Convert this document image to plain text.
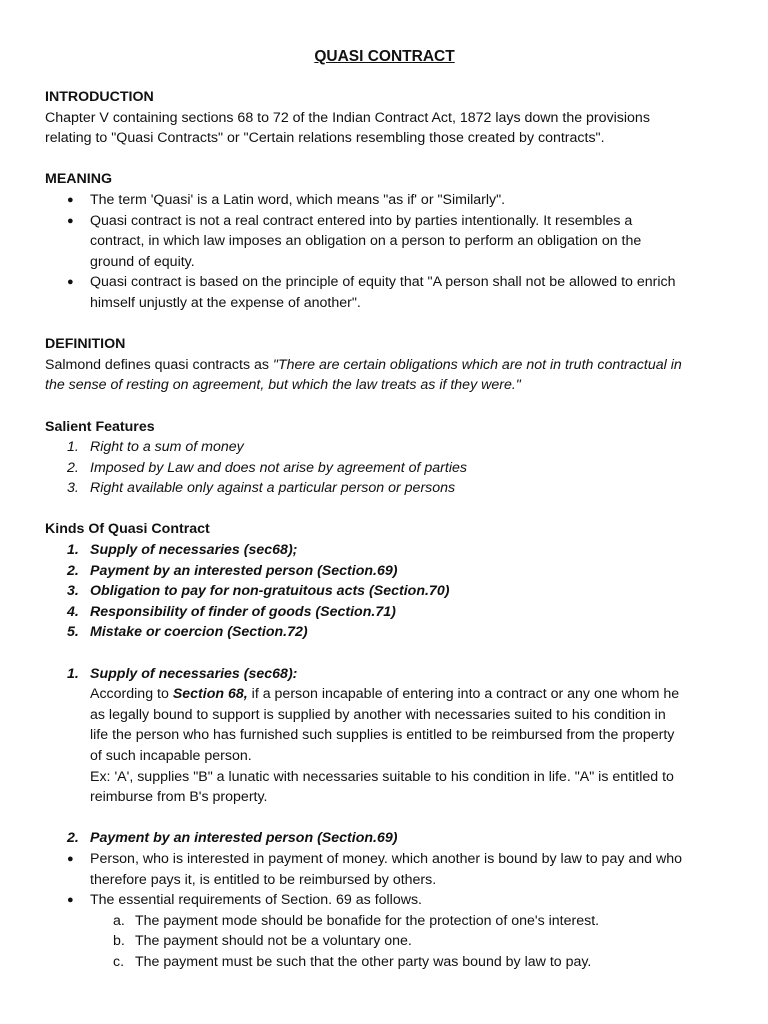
QUASI CONTRACT

INTRODUCTION

Chapter V containing sections 68 to 72 of the Indian Contract Act, 1872 lays down the provisions

relating to "Quasi Contracts" or "Certain relations resembling those created by contracts".

MEANING

● The term 'Quasi' is a Latin word, which means "as if' or "Similarly".

● Quasi contract is not a real contract entered into by parties intentionally. It resembles a

contract, in which law imposes an obligation on a person to perform an obligation on the

ground of equity.

● Quasi contract is based on the principle of equity that "A person shall not be allowed to enrich

himself unjustly at the expense of another".

DEFINITION

Salmond defines quasi contracts as "There are certain obligations which are not in truth contractual in

the sense of resting on agreement, but which the law treats as if they were."

Salient Features

1. Right to a sum of money
2. Imposed by Law and does not arise by agreement of parties
3. Right available only against a particular person or persons

Kinds Of Quasi Contract

1. Supply of necessaries (sec68);
2. Payment by an interested person (Section.69)
3. Obligation to pay for non-gratuitous acts (Section.70)
4. Responsibility of finder of goods (Section.71)
5. Mistake or coercion (Section.72)
1. Supply of necessaries (sec68):

According to Section 68, if a person incapable of entering into a contract or any one whom he

as legally bound to support is supplied by another with necessaries suited to his condition in

life the person who has furnished such supplies is entitled to be reimbursed from the property

of such incapable person.

Ex: 'A', supplies "B" a lunatic with necessaries suitable to his condition in life. "A" is entitled to

reimburse from B's property.

2. Payment by an interested person (Section.69)

● Person, who is interested in payment of money. which another is bound by law to pay and who

therefore pays it, is entitled to be reimbursed by others.

● The essential requirements of Section. 69 as follows.

a. The payment mode should be bonafide for the protection of one's interest.
b. The payment should not be a voluntary one.
c. The payment must be such that the other party was bound by law to pay.
